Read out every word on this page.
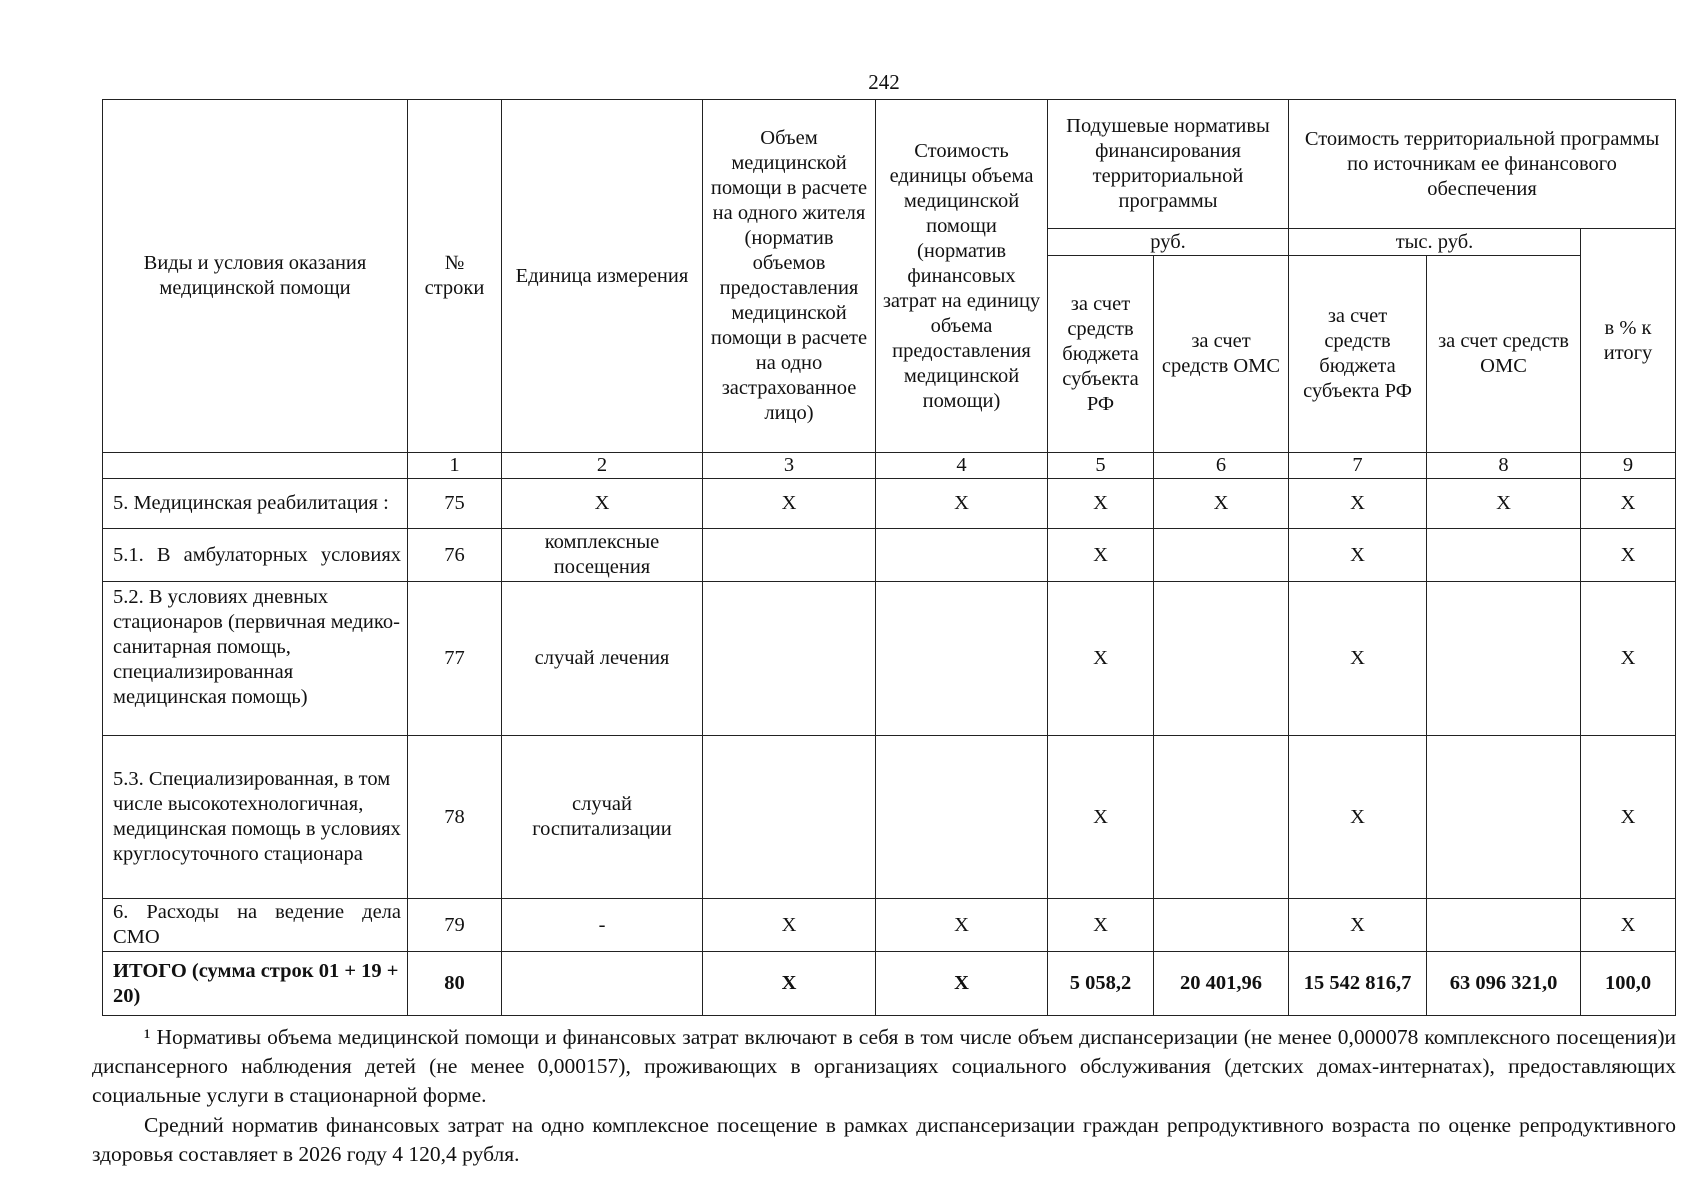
242
Виды и условия оказания медицинской помощи	№ строки	Единица измерения	Объем медицинской помощи в расчете на одного жителя (норматив объемов предоставления медицинской помощи в расчете на одно застрахованное лицо)	Стоимость единицы объема медицинской помощи (норматив финансовых затрат на единицу объема предоставления медицинской помощи)	Подушевые нормативы финансирования территориальной программы		Стоимость территориальной программы по источникам ее финансового обеспечения		
					руб.		тыс. руб.		в % к итогу
					за счет средств бюджета субъекта РФ	за счет средств ОМС	за счет средств бюджета субъекта РФ	за счет средств ОМС	
	1	2	3	4	5	6	7	8	9
5. Медицинская реабилитация :	75	Х	Х	Х	Х	Х	Х	Х	Х

5.1. В амбулаторных условиях	76	комплексные посещения			Х		Х		Х
5.2. В условиях дневных стационаров (первичная медико-санитарная помощь, специализированная медицинская помощь)	77	случай лечения			Х		Х		Х
5.3. Специализированная, в том числе высокотехнологичная, медицинская помощь в условиях круглосуточного стационара	78	случай госпитализации			Х		Х		Х

6. Расходы на ведение дела СМО	79	-	Х	Х	Х		Х		Х
ИТОГО (сумма строк 01 + 19 + 20)	80		Х	Х	5 058,2	20 401,96	15 542 816,7	63 096 321,0	100,0

¹ Нормативы объема медицинской помощи и финансовых затрат включают в себя в том числе объем диспансеризации (не менее 0,000078 комплексного посещения)и диспансерного наблюдения детей (не менее 0,000157), проживающих в организациях социального обслуживания (детских домах-интернатах), предоставляющих социальные услуги в стационарной форме.

Средний норматив финансовых затрат на одно комплексное посещение в рамках диспансеризации граждан репродуктивного возраста по оценке репродуктивного здоровья составляет в 2026 году 4 120,4 рубля.
